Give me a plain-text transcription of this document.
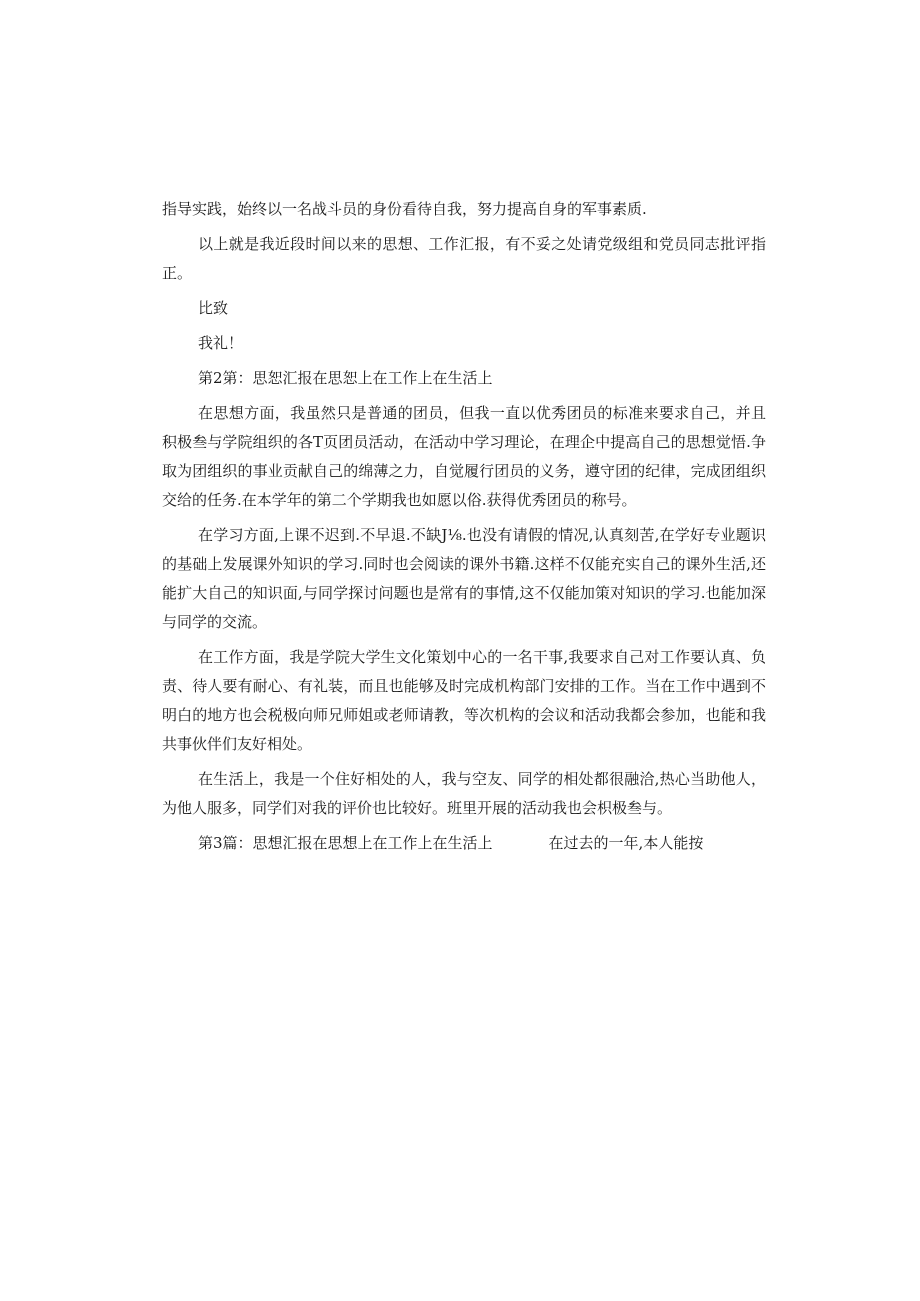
指导实践，始终以一名战斗员的身份看待自我，努力提高自身的军事素质.

以上就是我近段时间以来的思想、工作汇报，有不妥之处请党级组和党员同志批评指正。

比致

我礼！

第2第：思恕汇报在思恕上在工作上在生活上

在思想方面，我虽然只是普通的团员，但我一直以优秀团员的标准来要求自己，并且积极叁与学院组织的各T页团员活动，在活动中学习理论，在理企中提高自己的思想觉悟.争取为团组织的事业贡献自己的绵薄之力，自觉履行团员的义务，遵守团的纪律，完成团组织交给的任务.在本学年的第二个学期我也如愿以俗.获得优秀团员的称号。

在学习方面,上课不迟到.不早退.不缺J⅛.也没有请假的情况,认真刻苦,在学好专业题识的基础上发展课外知识的学习.同时也会阅读的课外书籍.这样不仅能充实自己的课外生活,还能扩大自己的知识面,与同学探讨问题也是常有的事情,这不仅能加策对知识的学习.也能加深与同学的交流。

在工作方面，我是学院大学生文化策划中心的一名干事,我要求自己对工作要认真、负责、待人要有耐心、有礼装，而且也能够及时完成机构部门安排的工作。当在工作中遇到不明白的地方也会税极向师兄师姐或老师请教，等次机构的会议和活动我都会参加，也能和我共事伙伴们友好相处。

在生活上，我是一个住好相处的人，我与空友、同学的相处都很融洽,热心当助他人，为他人服多，同学们对我的评价也比较好。班里开展的活动我也会枳极叁与。

第3篇：思想汇报在思想上在工作上在生活上	在过去的一年,本人能按
